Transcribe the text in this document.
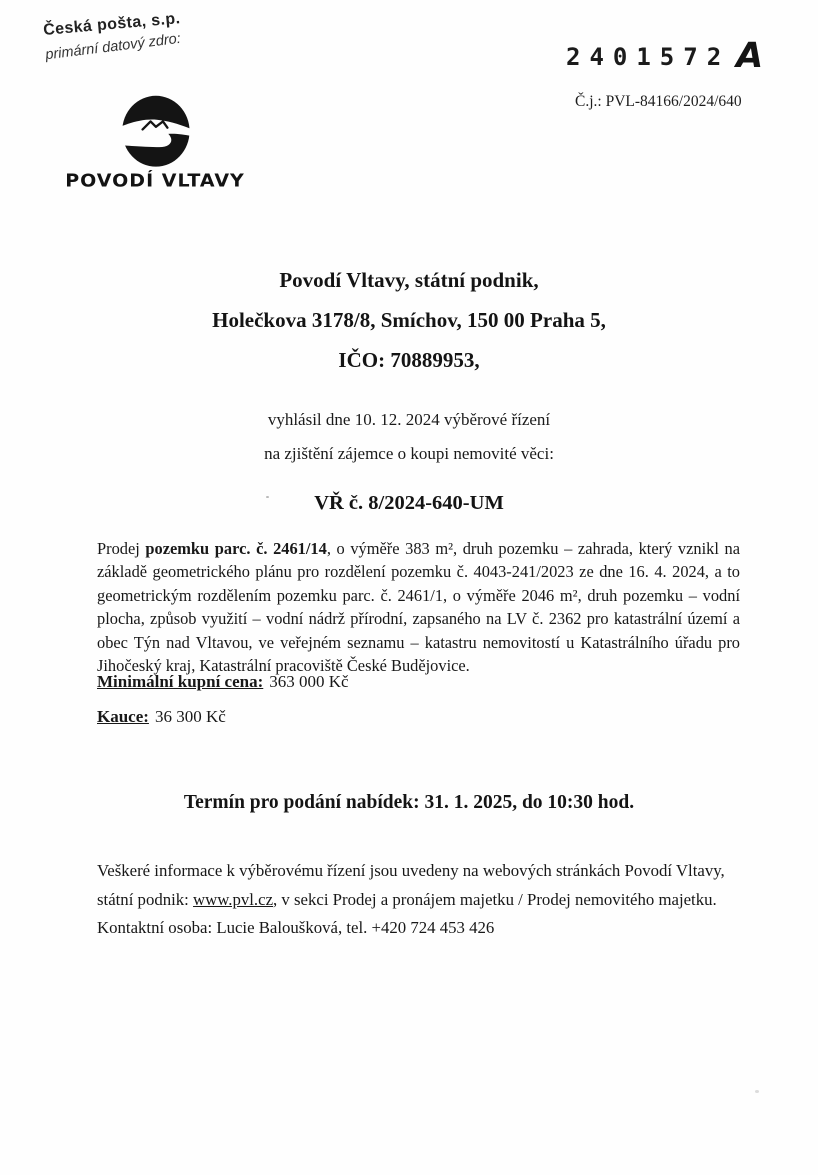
Česká pošta, s.p.
primární datový zdro:	2401572 A
Č.j.: PVL-84166/2024/640
POVODÍ VLTAVY
Povodí Vltavy, státní podnik,
Holečkova 3178/8, Smíchov, 150 00 Praha 5,
IČO: 70889953,
vyhlásil dne 10. 12. 2024 výběrové řízení
na zjištění zájemce o koupi nemovité věci:
VŘ č. 8/2024-640-UM
Prodej pozemku parc. č. 2461/14, o výměře 383 m², druh pozemku – zahrada, který vznikl na základě geometrického plánu pro rozdělení pozemku č. 4043-241/2023 ze dne 16. 4. 2024, a to geometrickým rozdělením pozemku parc. č. 2461/1, o výměře 2046 m², druh pozemku – vodní plocha, způsob využití – vodní nádrž přírodní, zapsaného na LV č. 2362 pro katastrální území a obec Týn nad Vltavou, ve veřejném seznamu – katastru nemovitostí u Katastrálního úřadu pro Jihočeský kraj, Katastrální pracoviště České Budějovice.
Minimální kupní cena: 363 000 Kč
Kauce: 36 300 Kč
Termín pro podání nabídek: 31. 1. 2025, do 10:30 hod.
Veškeré informace k výběrovému řízení jsou uvedeny na webových stránkách Povodí Vltavy, státní podnik: www.pvl.cz, v sekci Prodej a pronájem majetku / Prodej nemovitého majetku.
Kontaktní osoba: Lucie Baloušková, tel. +420 724 453 426
